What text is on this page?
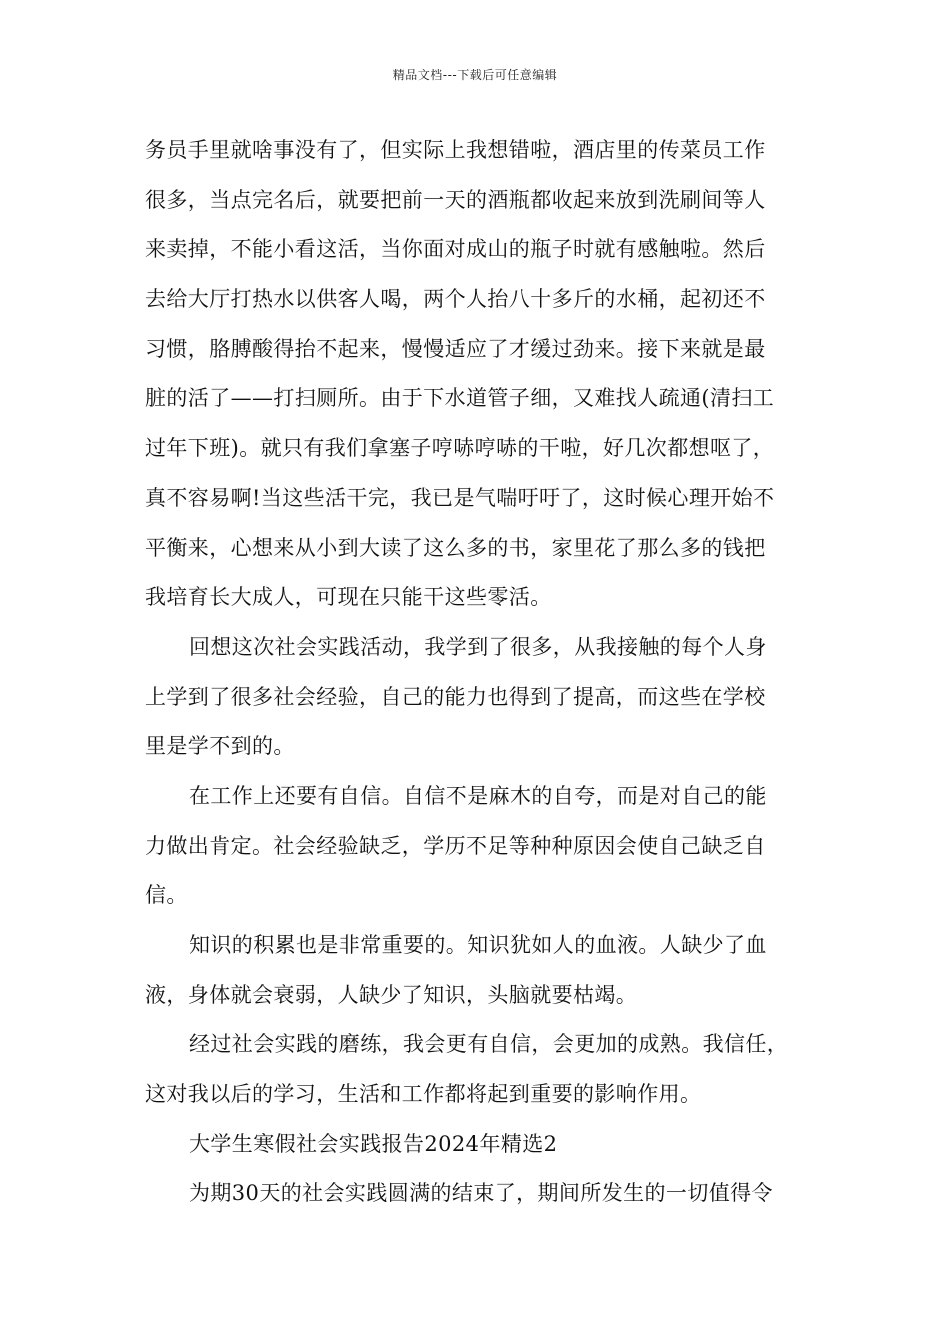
精品文档---下载后可任意编辑
务员手里就啥事没有了，但实际上我想错啦，酒店里的传菜员工作
很多，当点完名后，就要把前一天的酒瓶都收起来放到洗刷间等人
来卖掉，不能小看这活，当你面对成山的瓶子时就有感触啦。然后
去给大厅打热水以供客人喝，两个人抬八十多斤的水桶，起初还不
习惯，胳膊酸得抬不起来，慢慢适应了才缓过劲来。接下来就是最
脏的活了——打扫厕所。由于下水道管子细，又难找人疏通(清扫工
过年下班)。就只有我们拿塞子哼哧哼哧的干啦，好几次都想呕了，
真不容易啊!当这些活干完，我已是气喘吁吁了，这时候心理开始不
平衡来，心想来从小到大读了这么多的书，家里花了那么多的钱把
我培育长大成人，可现在只能干这些零活。
回想这次社会实践活动，我学到了很多，从我接触的每个人身
上学到了很多社会经验，自己的能力也得到了提高，而这些在学校
里是学不到的。
在工作上还要有自信。自信不是麻木的自夸，而是对自己的能
力做出肯定。社会经验缺乏，学历不足等种种原因会使自己缺乏自
信。
知识的积累也是非常重要的。知识犹如人的血液。人缺少了血
液，身体就会衰弱，人缺少了知识，头脑就要枯竭。
经过社会实践的磨练，我会更有自信，会更加的成熟。我信任，
这对我以后的学习，生活和工作都将起到重要的影响作用。
大学生寒假社会实践报告2024年精选2
为期30天的社会实践圆满的结束了，期间所发生的一切值得令
